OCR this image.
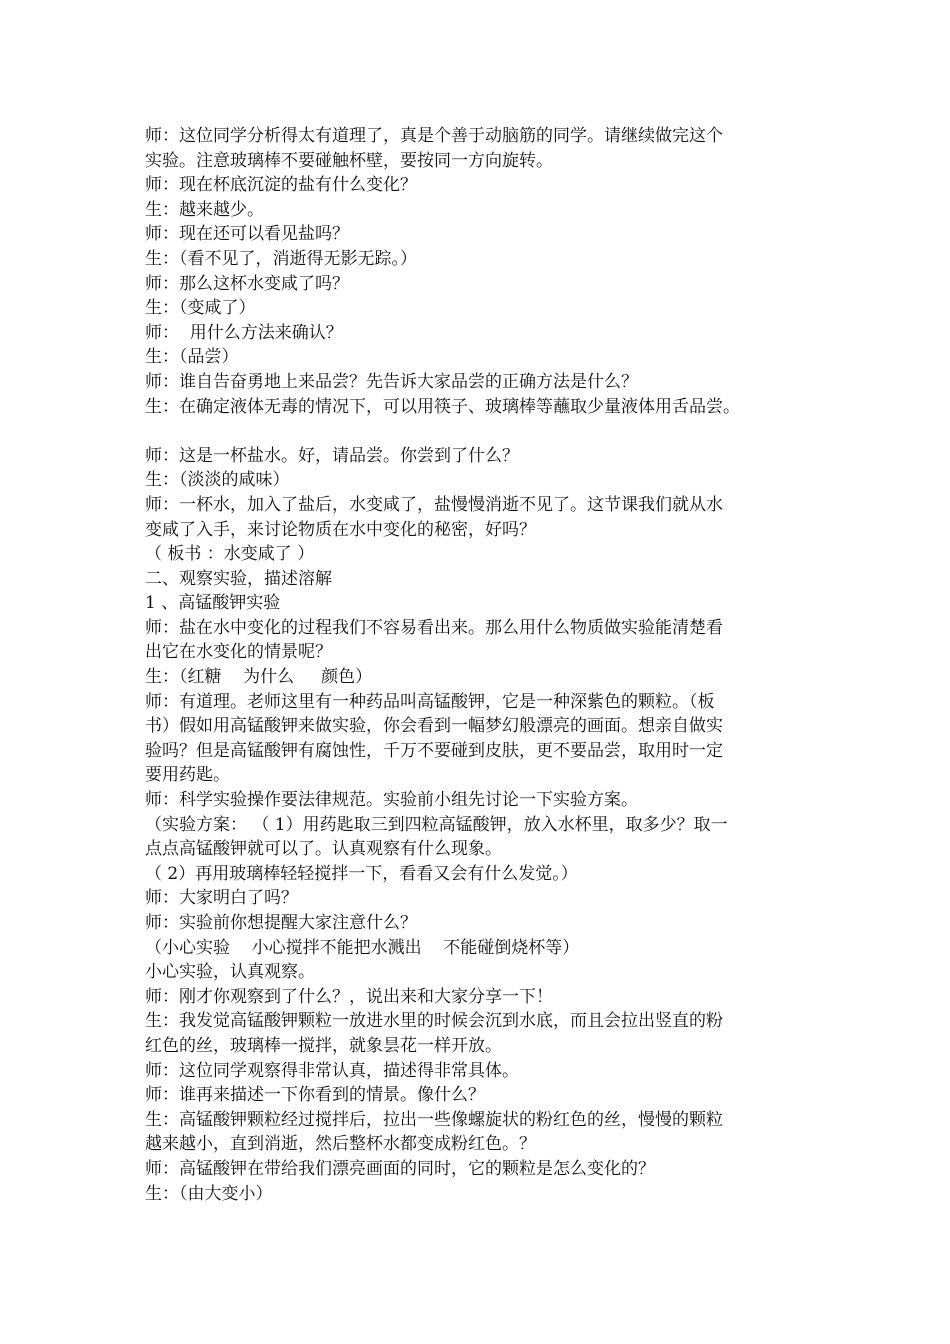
师：这位同学分析得太有道理了，真是个善于动脑筋的同学。请继续做完这个

实验。注意玻璃棒不要碰触杯壁，要按同一方向旋转。

师：现在杯底沉淀的盐有什么变化？

生：越来越少。

师：现在还可以看见盐吗？

生：（看不见了，消逝得无影无踪。）

师：那么这杯水变咸了吗？

生：（变咸了）

师：  用什么方法来确认？

生：（品尝）

师：谁自告奋勇地上来品尝？先告诉大家品尝的正确方法是什么？

生：在确定液体无毒的情况下，可以用筷子、玻璃棒等蘸取少量液体用舌品尝。

师：这是一杯盐水。好，请品尝。你尝到了什么？

生：（淡淡的咸味）

师：一杯水，加入了盐后，水变咸了，盐慢慢消逝不见了。这节课我们就从水

变咸了入手，来讨论物质在水中变化的秘密，好吗？

（ 板书 ：水变咸了 ）

二、观察实验，描述溶解

1 、高锰酸钾实验

师：盐在水中变化的过程我们不容易看出来。那么用什么物质做实验能清楚看

出它在水变化的情景呢？

生：（红糖    为什么     颜色）

师：有道理。老师这里有一种药品叫高锰酸钾，它是一种深紫色的颗粒。（板

书）假如用高锰酸钾来做实验，你会看到一幅梦幻般漂亮的画面。想亲自做实

验吗？但是高锰酸钾有腐蚀性，千万不要碰到皮肤，更不要品尝，取用时一定

要用药匙。

师：科学实验操作要法律规范。实验前小组先讨论一下实验方案。

（实验方案： （ 1）用药匙取三到四粒高锰酸钾，放入水杯里，取多少？取一

点点高锰酸钾就可以了。认真观察有什么现象。

（ 2）再用玻璃棒轻轻搅拌一下，看看又会有什么发觉。）

师：大家明白了吗？

师：实验前你想提醒大家注意什么？

（小心实验    小心搅拌不能把水溅出    不能碰倒烧杯等）

小心实验，认真观察。

师：刚才你观察到了什么？，说出来和大家分享一下！

生：我发觉高锰酸钾颗粒一放进水里的时候会沉到水底，而且会拉出竖直的粉

红色的丝，玻璃棒一搅拌，就象昙花一样开放。

师：这位同学观察得非常认真，描述得非常具体。

师：谁再来描述一下你看到的情景。像什么？

生：高锰酸钾颗粒经过搅拌后，拉出一些像螺旋状的粉红色的丝，慢慢的颗粒

越来越小，直到消逝，然后整杯水都变成粉红色。？

师：高锰酸钾在带给我们漂亮画面的同时，它的颗粒是怎么变化的？

生：（由大变小）
